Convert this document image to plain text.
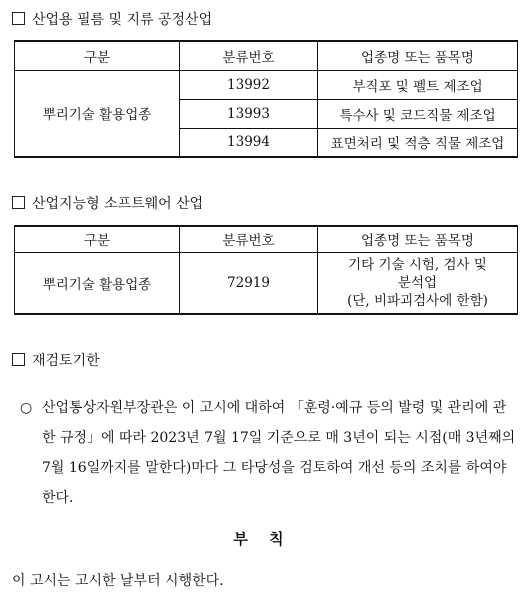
산업용 필름 및 지류 공정산업
구분	분류번호	업종명 또는 품목명
뿌리기술 활용업종	13992	부직포 및 펠트 제조업
	13993	특수사 및 코드직물 제조업
	13994	표면처리 및 적층 직물 제조업
산업지능형 소프트웨어 산업
구분	분류번호	업종명 또는 품목명
뿌리기술 활용업종	72919	기타 기술 시험, 검사 및
분석업
(단, 비파괴검사에 한함)
재검토기한
○ 산업통상자원부장관은 이 고시에 대하여 「훈령·예규 등의 발령 및 관리에 관한 규정」에 따라 2023년 7월 17일 기준으로 매 3년이 되는 시점(매 3년째의 7월 16일까지를 말한다)마다 그 타당성을 검토하여 개선 등의 조치를 하여야 한다.
부 칙
이 고시는 고시한 날부터 시행한다.
